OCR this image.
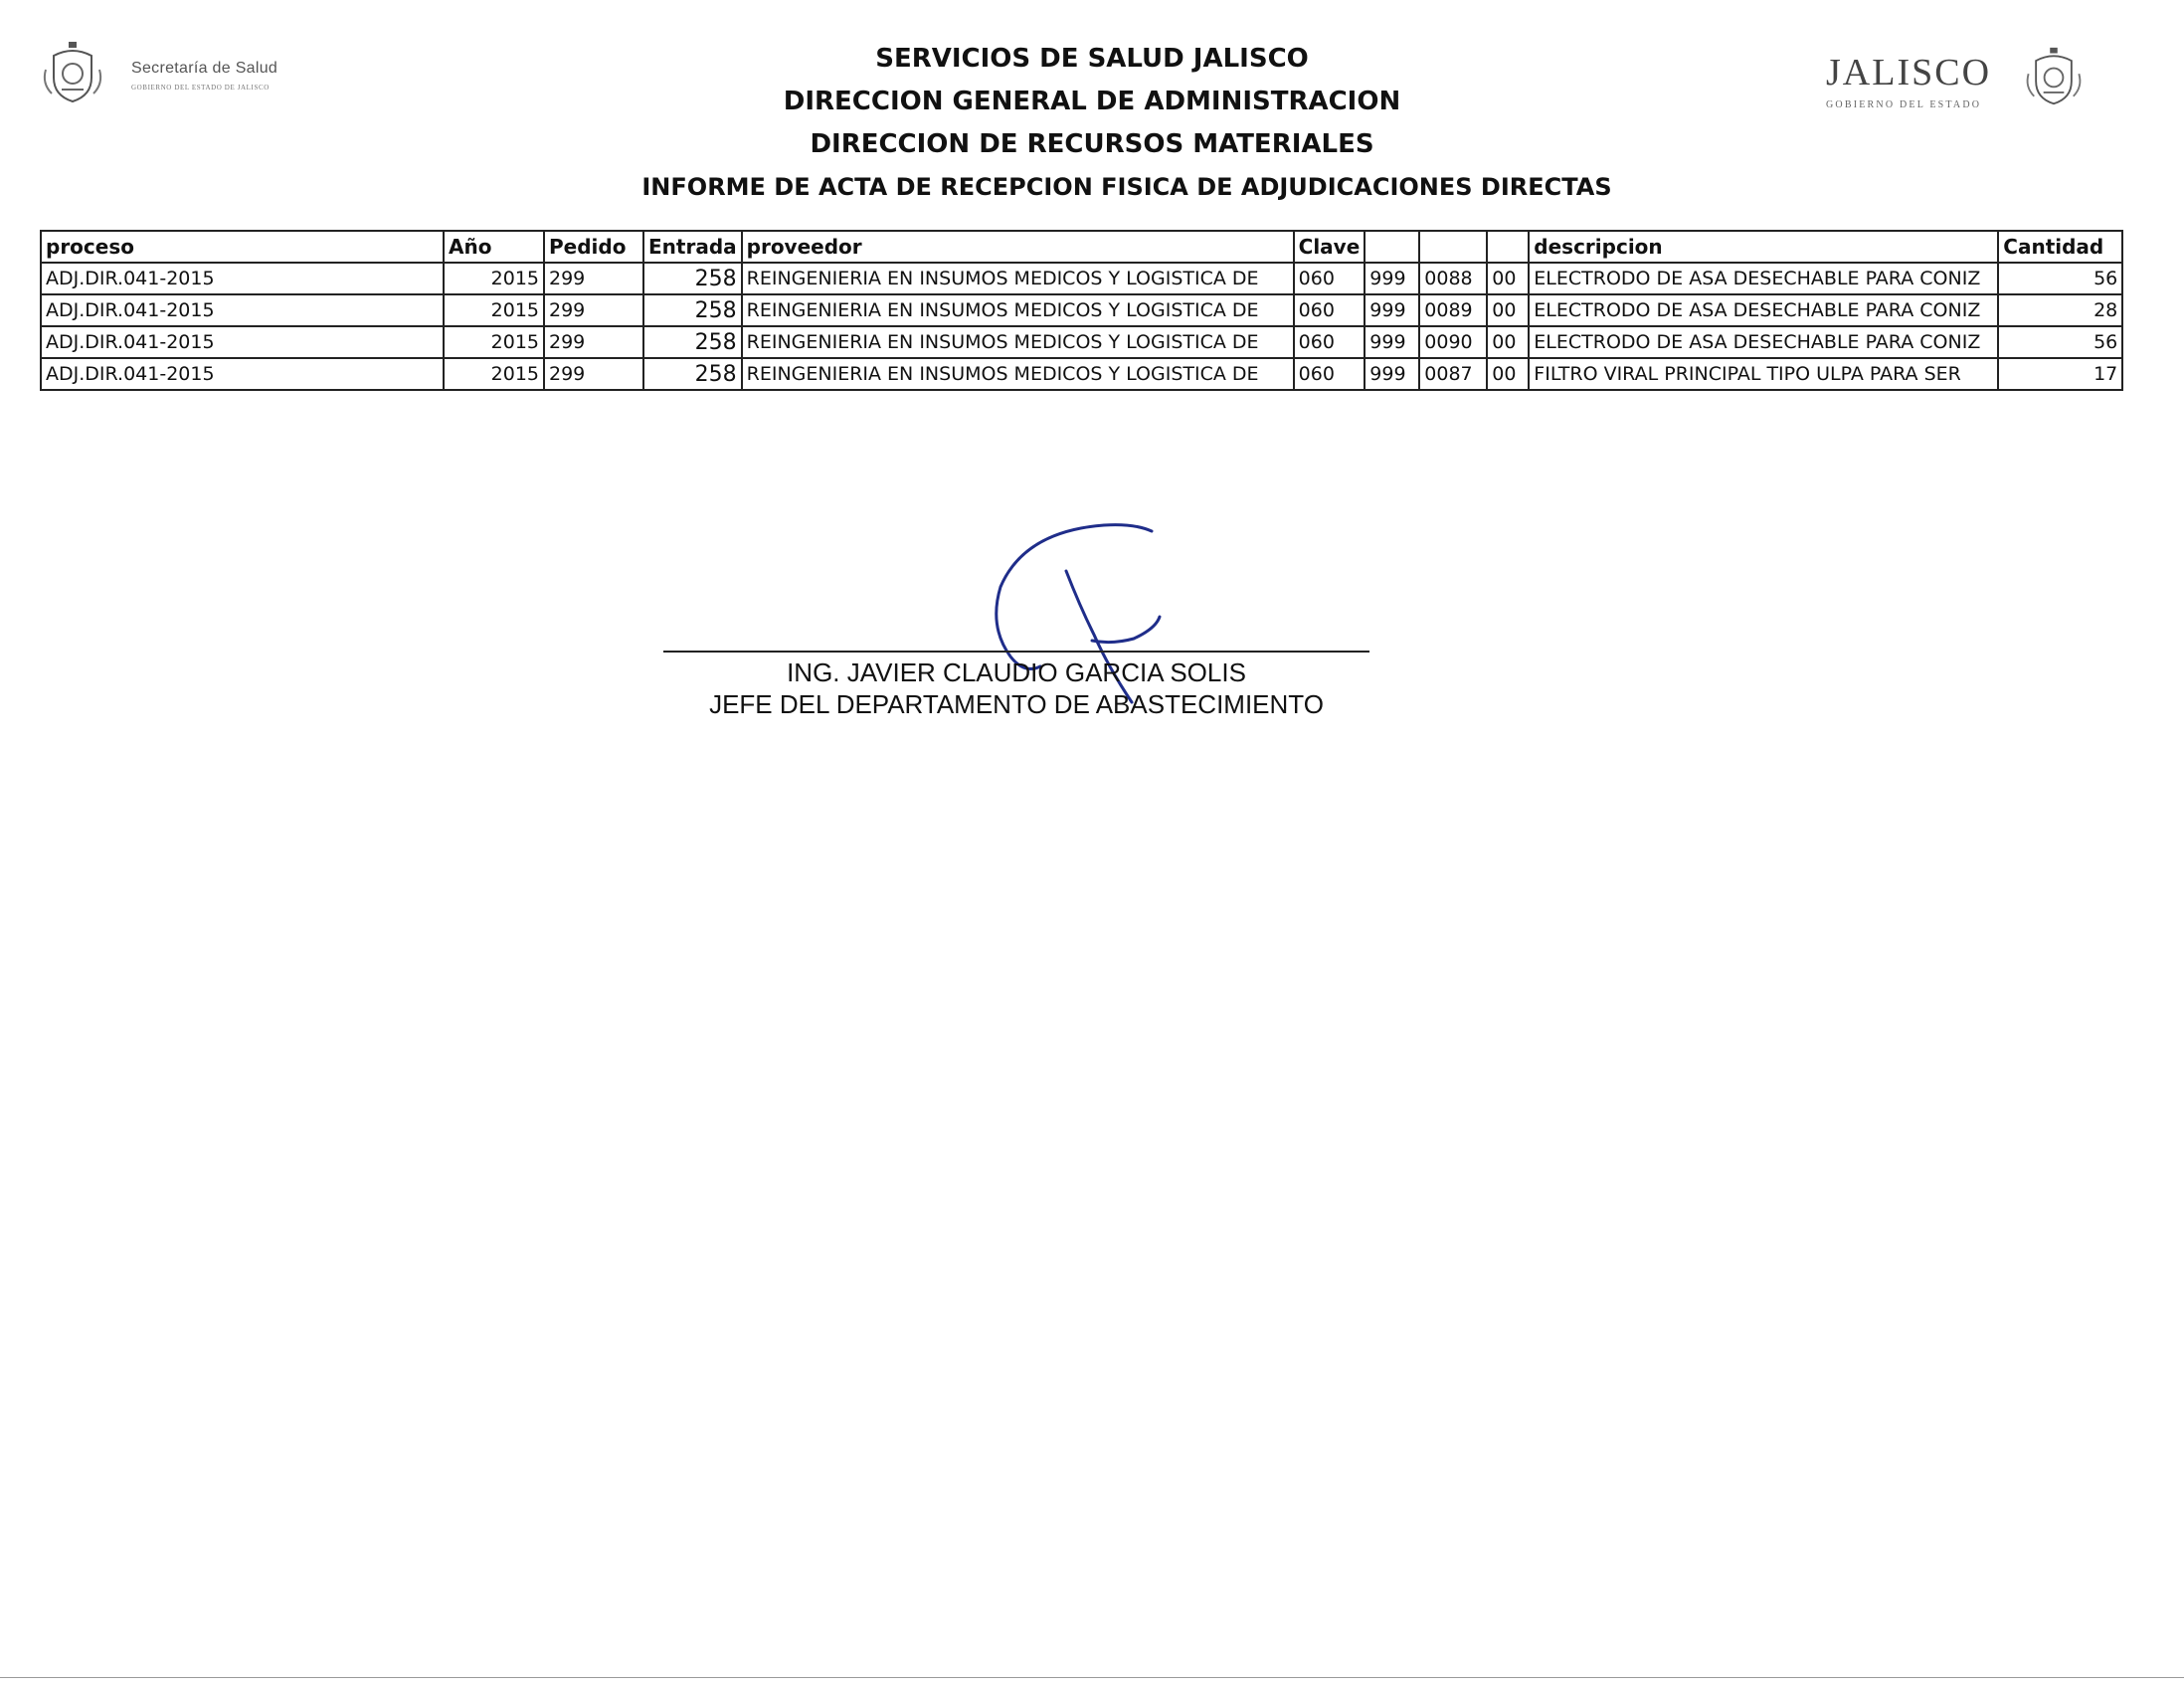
Secretaría de Salud
GOBIERNO DEL ESTADO DE JALISCO	JALISCO
GOBIERNO DEL ESTADO
SERVICIOS DE SALUD JALISCO
DIRECCION GENERAL DE ADMINISTRACION
DIRECCION DE RECURSOS MATERIALES
INFORME DE ACTA DE RECEPCION FISICA DE ADJUDICACIONES DIRECTAS
proceso	Año	Pedido	Entrada	proveedor	Clave				descripcion	Cantidad
ADJ.DIR.041-2015	2015	299	258	REINGENIERIA EN INSUMOS MEDICOS Y LOGISTICA DE	060	999	0088	00	ELECTRODO DE ASA DESECHABLE PARA CONIZ	56
ADJ.DIR.041-2015	2015	299	258	REINGENIERIA EN INSUMOS MEDICOS Y LOGISTICA DE	060	999	0089	00	ELECTRODO DE ASA DESECHABLE PARA CONIZ	28
ADJ.DIR.041-2015	2015	299	258	REINGENIERIA EN INSUMOS MEDICOS Y LOGISTICA DE	060	999	0090	00	ELECTRODO DE ASA DESECHABLE PARA CONIZ	56
ADJ.DIR.041-2015	2015	299	258	REINGENIERIA EN INSUMOS MEDICOS Y LOGISTICA DE	060	999	0087	00	FILTRO VIRAL PRINCIPAL TIPO ULPA PARA SER	17
ING. JAVIER CLAUDIO GARCIA SOLIS
JEFE DEL DEPARTAMENTO DE ABASTECIMIENTO
